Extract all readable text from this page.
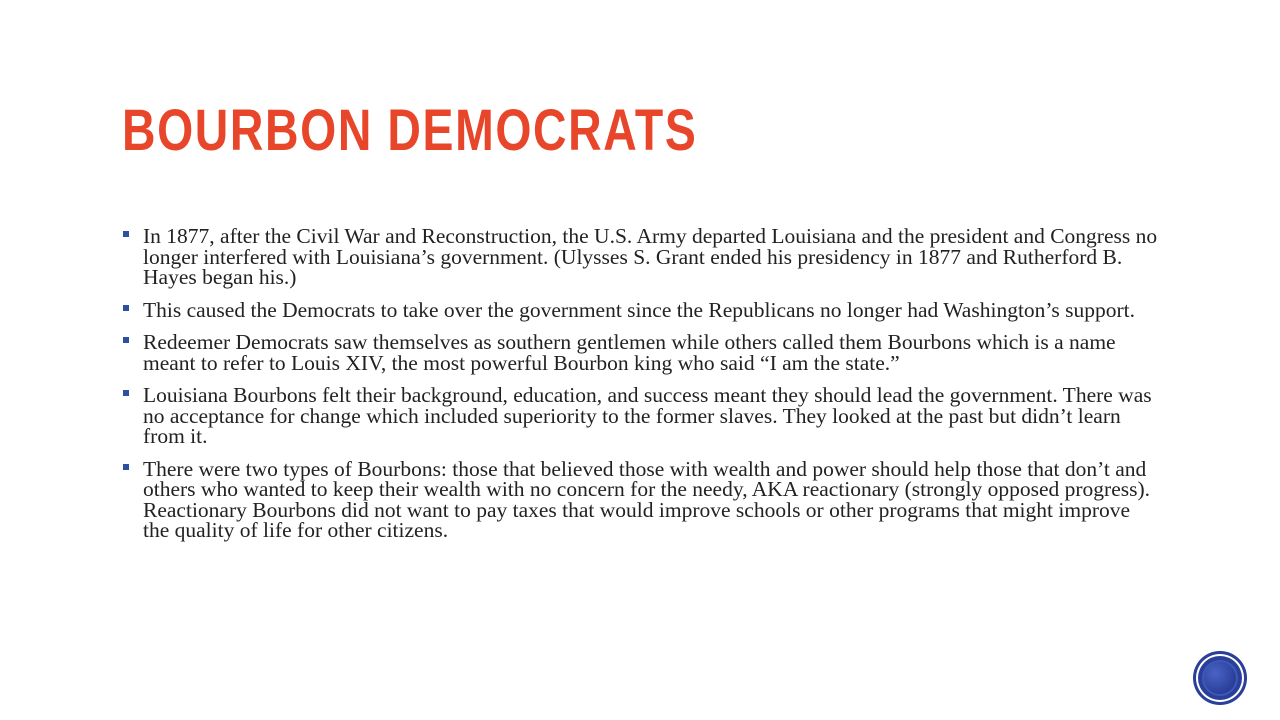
BOURBON DEMOCRATS
In 1877, after the Civil War and Reconstruction, the U.S. Army departed Louisiana and the president and Congress no longer interfered with Louisiana’s government. (Ulysses S. Grant ended his presidency in 1877 and Rutherford B. Hayes began his.)
This caused the Democrats to take over the government since the Republicans no longer had Washington’s support.
Redeemer Democrats saw themselves as southern gentlemen while others called them Bourbons which is a name meant to refer to Louis XIV, the most powerful Bourbon king who said “I am the state.”
Louisiana Bourbons felt their background, education, and success meant they should lead the government. There was no acceptance for change which included superiority to the former slaves. They looked at the past but didn’t learn from it.
There were two types of Bourbons: those that believed those with wealth and power should help those that don’t and others who wanted to keep their wealth with no concern for the needy, AKA reactionary (strongly opposed progress). Reactionary Bourbons did not want to pay taxes that would improve schools or other programs that might improve the quality of life for other citizens.
